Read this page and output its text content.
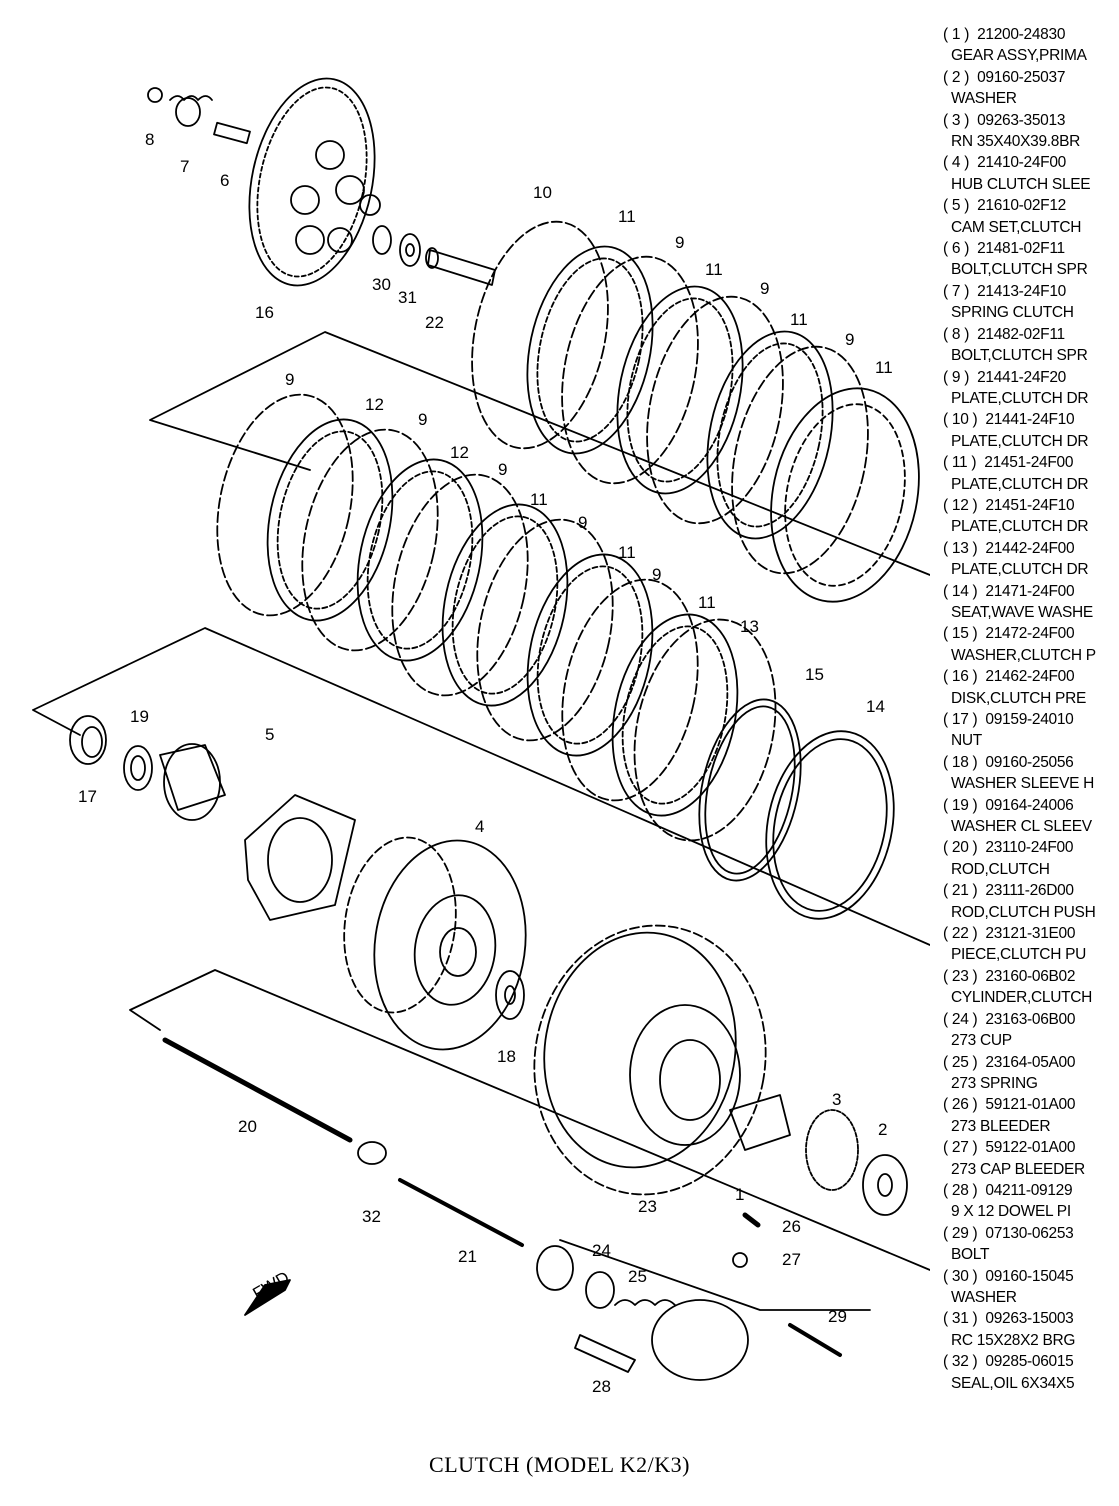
1
2
3
4
5
6
7
8
9
9
9
9
9
9
9
9
10
11
11
11
11
11
11
11
12
12
13
14
15
16
17
18
19
20
21
22
23
24
25
26
27
28
29
30
31
32
FWD
( 1 ) 21200-24830
GEAR ASSY,PRIMA
( 2 ) 09160-25037
WASHER
( 3 ) 09263-35013
RN 35X40X39.8BR
( 4 ) 21410-24F00
HUB CLUTCH SLEE
( 5 ) 21610-02F12
CAM SET,CLUTCH
( 6 ) 21481-02F11
BOLT,CLUTCH SPR
( 7 ) 21413-24F10
SPRING CLUTCH
( 8 ) 21482-02F11
BOLT,CLUTCH SPR
( 9 ) 21441-24F20
PLATE,CLUTCH DR
( 10 ) 21441-24F10
PLATE,CLUTCH DR
( 11 ) 21451-24F00
PLATE,CLUTCH DR
( 12 ) 21451-24F10
PLATE,CLUTCH DR
( 13 ) 21442-24F00
PLATE,CLUTCH DR
( 14 ) 21471-24F00
SEAT,WAVE WASHE
( 15 ) 21472-24F00
WASHER,CLUTCH P
( 16 ) 21462-24F00
DISK,CLUTCH PRE
( 17 ) 09159-24010
NUT
( 18 ) 09160-25056
WASHER SLEEVE H
( 19 ) 09164-24006
WASHER CL SLEEV
( 20 ) 23110-24F00
ROD,CLUTCH
( 21 ) 23111-26D00
ROD,CLUTCH PUSH
( 22 ) 23121-31E00
PIECE,CLUTCH PU
( 23 ) 23160-06B02
CYLINDER,CLUTCH
( 24 ) 23163-06B00
273 CUP
( 25 ) 23164-05A00
273 SPRING
( 26 ) 59121-01A00
273 BLEEDER
( 27 ) 59122-01A00
273 CAP BLEEDER
( 28 ) 04211-09129
9 X 12 DOWEL PI
( 29 ) 07130-06253
BOLT
( 30 ) 09160-15045
WASHER
( 31 ) 09263-15003
RC 15X28X2 BRG
( 32 ) 09285-06015
SEAL,OIL 6X34X5
CLUTCH (MODEL K2/K3)
